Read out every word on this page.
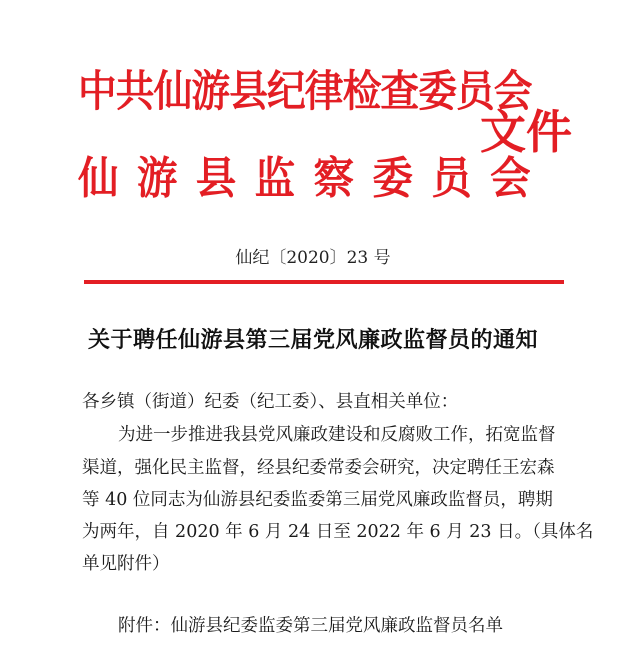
中共仙游县纪律检查委员会
仙游县监察委员会
文件
仙纪〔2020〕23 号
关于聘任仙游县第三届党风廉政监督员的通知
各乡镇（街道）纪委（纪工委）、县直相关单位：
为进一步推进我县党风廉政建设和反腐败工作，拓宽监督
渠道，强化民主监督，经县纪委常委会研究，决定聘任王宏森
等 40 位同志为仙游县纪委监委第三届党风廉政监督员，聘期
为两年，自 2020 年 6 月 24 日至 2022 年 6 月 23 日。（具体名
单见附件）
附件：仙游县纪委监委第三届党风廉政监督员名单
